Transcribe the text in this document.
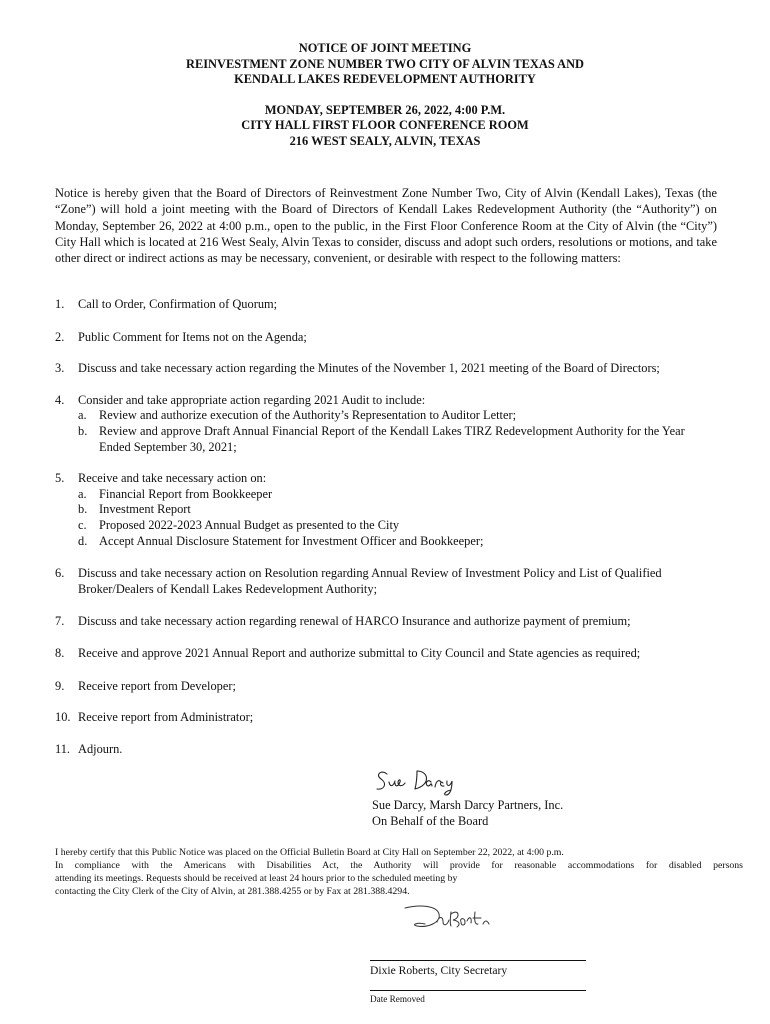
NOTICE OF JOINT MEETING
REINVESTMENT ZONE NUMBER TWO CITY OF ALVIN TEXAS AND
KENDALL LAKES REDEVELOPMENT AUTHORITY
MONDAY, SEPTEMBER 26, 2022, 4:00 P.M.
CITY HALL FIRST FLOOR CONFERENCE ROOM
216 WEST SEALY, ALVIN, TEXAS

Notice is hereby given that the Board of Directors of Reinvestment Zone Number Two, City of Alvin (Kendall Lakes), Texas (the “Zone”) will hold a joint meeting with the Board of Directors of Kendall Lakes Redevelopment Authority (the “Authority”) on Monday, September 26, 2022 at 4:00 p.m., open to the public, in the First Floor Conference Room at the City of Alvin (the “City”) City Hall which is located at 216 West Sealy, Alvin Texas to consider, discuss and adopt such orders, resolutions or motions, and take other direct or indirect actions as may be necessary, convenient, or desirable with respect to the following matters:

1. Call to Order, Confirmation of Quorum;
2. Public Comment for Items not on the Agenda;
3. Discuss and take necessary action regarding the Minutes of the November 1, 2021 meeting of the Board of Directors;
4. Consider and take appropriate action regarding 2021 Audit to include:
a. Review and authorize execution of the Authority’s Representation to Auditor Letter;
b. Review and approve Draft Annual Financial Report of the Kendall Lakes TIRZ Redevelopment Authority for the Year Ended September 30, 2021;
5. Receive and take necessary action on:
a. Financial Report from Bookkeeper
b. Investment Report
c. Proposed 2022-2023 Annual Budget as presented to the City
d. Accept Annual Disclosure Statement for Investment Officer and Bookkeeper;
6. Discuss and take necessary action on Resolution regarding Annual Review of Investment Policy and List of Qualified Broker/Dealers of Kendall Lakes Redevelopment Authority;
7. Discuss and take necessary action regarding renewal of HARCO Insurance and authorize payment of premium;
8. Receive and approve 2021 Annual Report and authorize submittal to City Council and State agencies as required;
9. Receive report from Developer;
10. Receive report from Administrator;
11. Adjourn.
Sue Darcy, Marsh Darcy Partners, Inc.
On Behalf of the Board
I hereby certify that this Public Notice was placed on the Official Bulletin Board at City Hall on September 22, 2022, at 4:00 p.m.
In compliance with the Americans with Disabilities Act, the Authority will provide for reasonable accommodations for disabled persons
attending its meetings. Requests should be received at least 24 hours prior to the scheduled meeting by
contacting the City Clerk of the City of Alvin, at 281.388.4255 or by Fax at 281.388.4294.
Dixie Roberts, City Secretary
Date Removed
